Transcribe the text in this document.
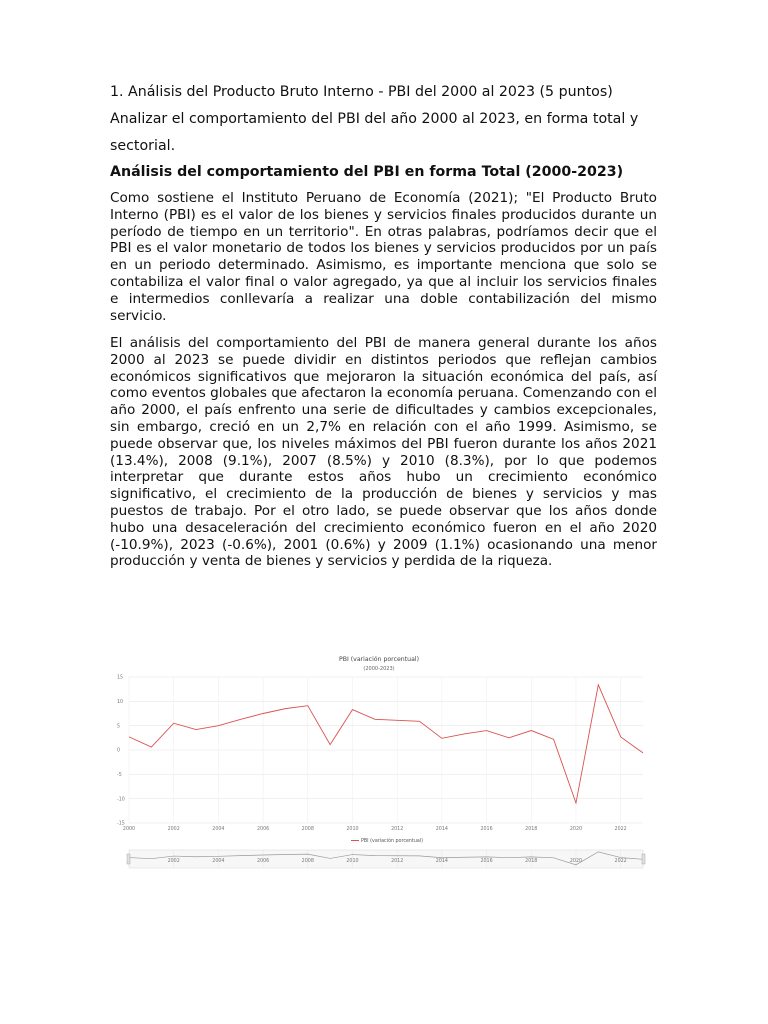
1. Análisis del Producto Bruto Interno - PBI del 2000 al 2023 (5 puntos)
Analizar el comportamiento del PBI del año 2000 al 2023, en forma total y
sectorial.
Análisis del comportamiento del PBI en forma Total (2000-2023)

Como sostiene el Instituto Peruano de Economía (2021); "El Producto Bruto Interno (PBI) es el valor de los bienes y servicios finales producidos durante un período de tiempo en un territorio". En otras palabras, podríamos decir que el PBI es el valor monetario de todos los bienes y servicios producidos por un país en un periodo determinado. Asimismo, es importante menciona que solo se contabiliza el valor final o valor agregado, ya que al incluir los servicios finales e intermedios conllevaría a realizar una doble contabilización del mismo servicio.

El análisis del comportamiento del PBI de manera general durante los años 2000 al 2023 se puede dividir en distintos periodos que reflejan cambios económicos significativos que mejoraron la situación económica del país, así como eventos globales que afectaron la economía peruana. Comenzando con el año 2000, el país enfrento una serie de dificultades y cambios excepcionales, sin embargo, creció en un 2,7% en relación con el año 1999. Asimismo, se puede observar que, los niveles máximos del PBI fueron durante los años 2021 (13.4%), 2008 (9.1%), 2007 (8.5%) y 2010 (8.3%), por lo que podemos interpretar que durante estos años hubo un crecimiento económico significativo, el crecimiento de la producción de bienes y servicios y mas puestos de trabajo. Por el otro lado, se puede observar que los años donde hubo una desaceleración del crecimiento económico fueron en el año 2020 (-10.9%), 2023 (-0.6%), 2001 (0.6%) y 2009 (1.1%) ocasionando una menor producción y venta de bienes y servicios y perdida de la riqueza.

PBI (variación porcentual)
(2000-2023)
15
10
5
0
-5
-10
-15
2000	2002	2004	2006	2008	2010	2012	2014	2016	2018	2020	2022
PBI (variación porcentual)
2002	2004	2006	2008	2010	2012	2014	2016	2018	2020	2022
